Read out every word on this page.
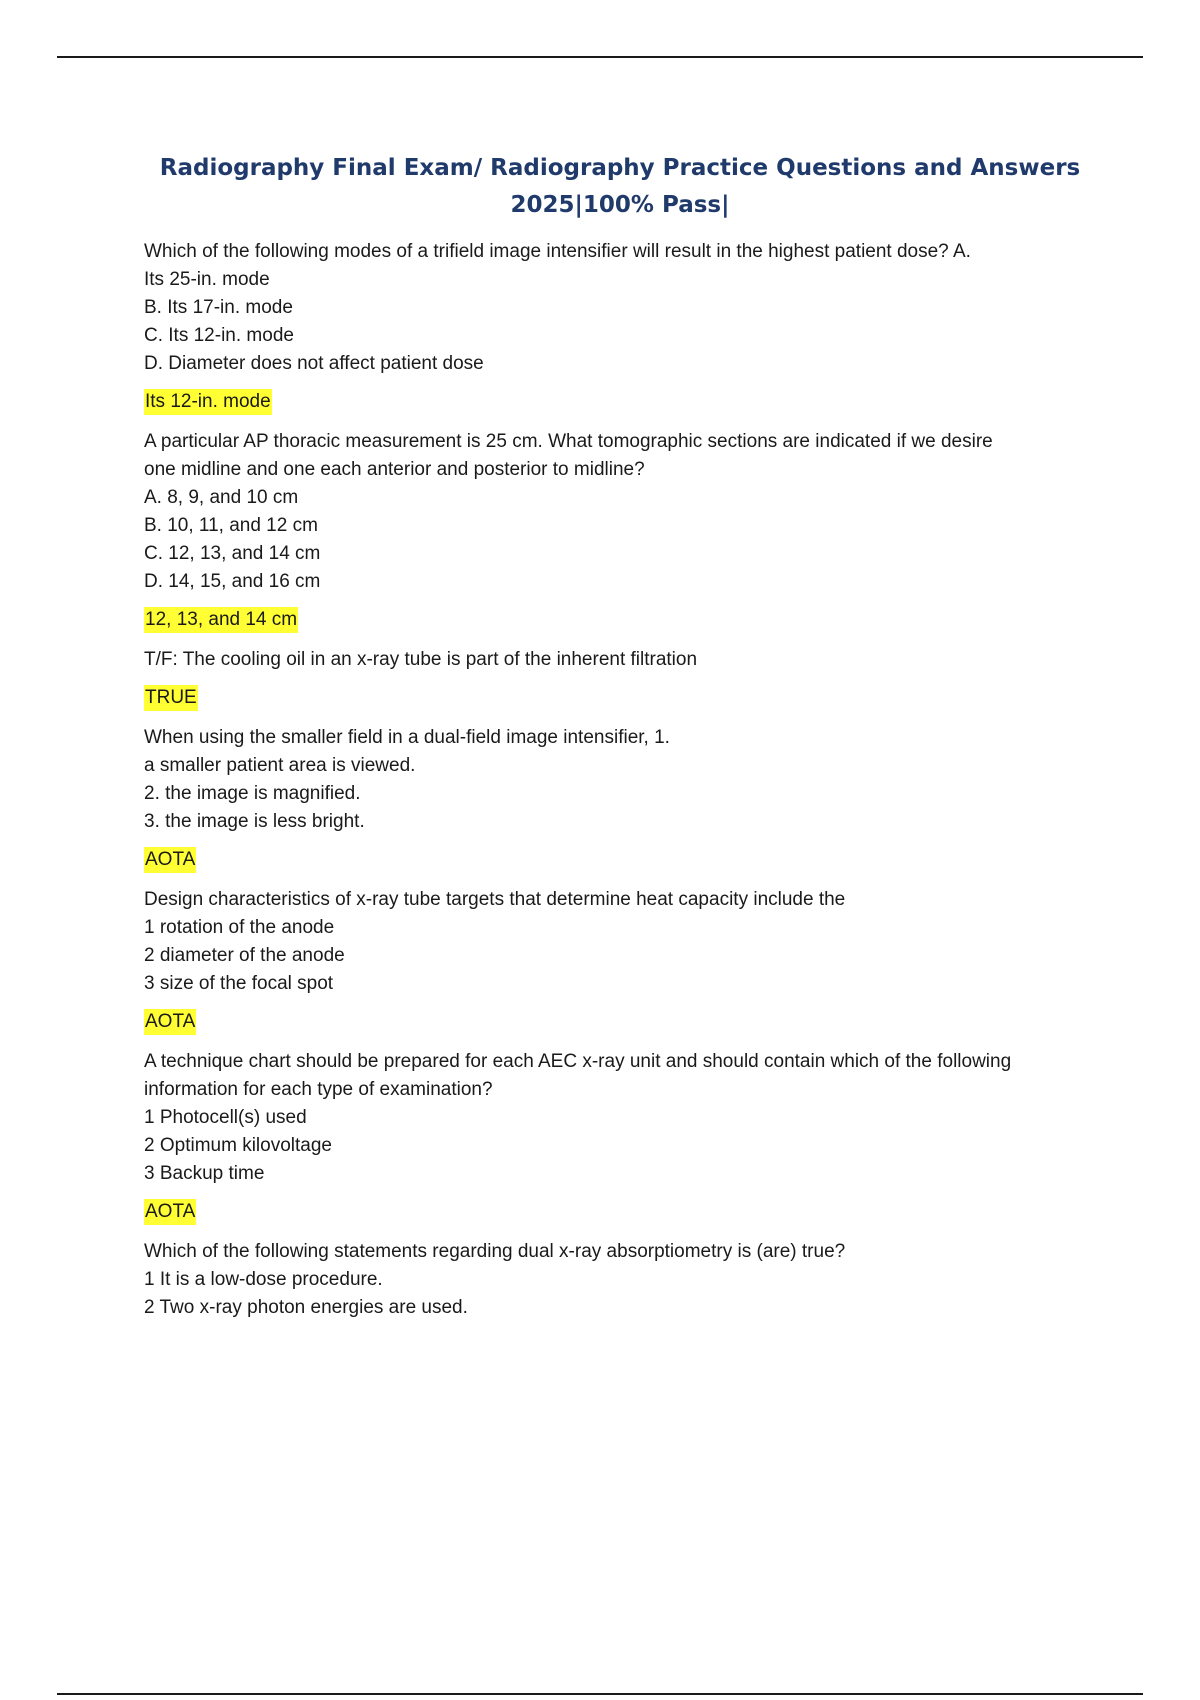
Radiography Final Exam/ Radiography Practice Questions and Answers
2025|100% Pass|
Which of the following modes of a trifield image intensifier will result in the highest patient dose? A.
Its 25-in. mode
B. Its 17-in. mode
C. Its 12-in. mode
D. Diameter does not affect patient dose
Its 12-in. mode
A particular AP thoracic measurement is 25 cm. What tomographic sections are indicated if we desire
one midline and one each anterior and posterior to midline?
A. 8, 9, and 10 cm
B. 10, 11, and 12 cm
C. 12, 13, and 14 cm
D. 14, 15, and 16 cm
12, 13, and 14 cm
T/F: The cooling oil in an x-ray tube is part of the inherent filtration
TRUE
When using the smaller field in a dual-field image intensifier, 1.
a smaller patient area is viewed.
2. the image is magnified.
3. the image is less bright.
AOTA
Design characteristics of x-ray tube targets that determine heat capacity include the
1 rotation of the anode
2 diameter of the anode
3 size of the focal spot
AOTA
A technique chart should be prepared for each AEC x-ray unit and should contain which of the following
information for each type of examination?
1 Photocell(s) used
2 Optimum kilovoltage
3 Backup time
AOTA
Which of the following statements regarding dual x-ray absorptiometry is (are) true?
1 It is a low-dose procedure.
2 Two x-ray photon energies are used.
